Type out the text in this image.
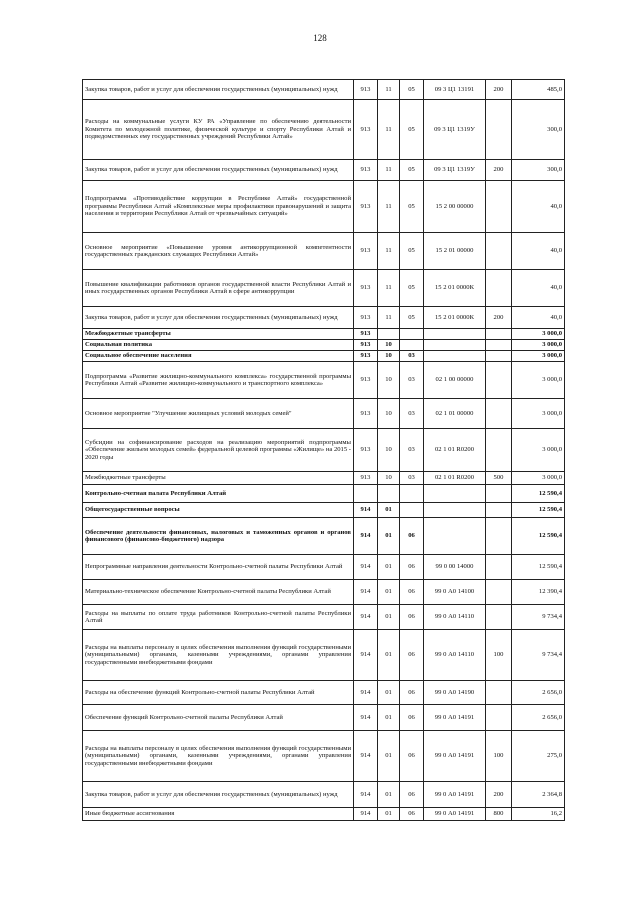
128
Закупка товаров, работ и услуг для обеспечения государственных (муниципальных) нужд	913	11	05	09 3 Ц1 13191	200	485,0
Расходы на коммунальные услуги КУ РА «Управление по обеспечению деятельности Комитета по молодежной политике, физической культуре и спорту Республики Алтай и подведомственных ему государственных учреждений Республики Алтай»	913	11	05	09 3 Ц1 1319У		300,0
Закупка товаров, работ и услуг для обеспечения государственных (муниципальных) нужд	913	11	05	09 3 Ц1 1319У	200	300,0
Подпрограмма «Противодействие коррупции в Республике Алтай» государственной программы Республики Алтай «Комплексные меры профилактики правонарушений и защита населения и территории Республики Алтай от чрезвычайных ситуаций»	913	11	05	15 2 00 00000		40,0
Основное мероприятие «Повышение уровня антикоррупционной компетентности государственных гражданских служащих Республики Алтай»	913	11	05	15 2 01 00000		40,0
Повышение квалификации работников органов государственной власти Республики Алтай и иных государственных органов Республики Алтай в сфере антикоррупции	913	11	05	15 2 01 0000К		40,0
Закупка товаров, работ и услуг для обеспечения государственных (муниципальных) нужд	913	11	05	15 2 01 0000К	200	40,0
Межбюджетные трансферты	913					3 000,0
Социальная политика	913	10				3 000,0
Социальное обеспечение населения	913	10	03			3 000,0
Подпрограмма «Развитие жилищно-коммунального комплекса» государственной программы Республики Алтай «Развитие жилищно-коммунального и транспортного комплекса»	913	10	03	02 1 00 00000		3 000,0
Основное мероприятие "Улучшение жилищных условий молодых семей"	913	10	03	02 1 01 00000		3 000,0
Субсидии на софинансирование расходов на реализацию мероприятий подпрограммы «Обеспечение жильем молодых семей» федеральной целевой программы «Жилище» на 2015 - 2020 годы	913	10	03	02 1 01 R0200		3 000,0
Межбюджетные трансферты	913	10	03	02 1 01 R0200	500	3 000,0
Контрольно-счетная палата Республики Алтай						12 590,4
Общегосударственные вопросы	914	01				12 590,4
Обеспечение деятельности финансовых, налоговых и таможенных органов и органов финансового (финансово-бюджетного) надзора	914	01	06			12 590,4
Непрограммные направления деятельности Контрольно-счетной палаты Республики Алтай	914	01	06	99 0 00 14000		12 590,4
Материально-техническое обеспечение Контрольно-счетной палаты Республики Алтай	914	01	06	99 0 А0 14100		12 390,4
Расходы на выплаты по оплате труда работников Контрольно-счетной палаты Республики Алтай	914	01	06	99 0 А0 14110		9 734,4
Расходы на выплаты персоналу в целях обеспечения выполнения функций государственными (муниципальными) органами, казенными учреждениями, органами управления государственными внебюджетными фондами	914	01	06	99 0 А0 14110	100	9 734,4
Расходы на обеспечение функций Контрольно-счетной палаты Республики Алтай	914	01	06	99 0 А0 14190		2 656,0
Обеспечение функций Контрольно-счетной палаты Республики Алтай	914	01	06	99 0 А0 14191		2 656,0
Расходы на выплаты персоналу в целях обеспечения выполнения функций государственными (муниципальными) органами, казенными учреждениями, органами управления государственными внебюджетными фондами	914	01	06	99 0 А0 14191	100	275,0
Закупка товаров, работ и услуг для обеспечения государственных (муниципальных) нужд	914	01	06	99 0 А0 14191	200	2 364,8
Иные бюджетные ассигнования	914	01	06	99 0 А0 14191	800	16,2
